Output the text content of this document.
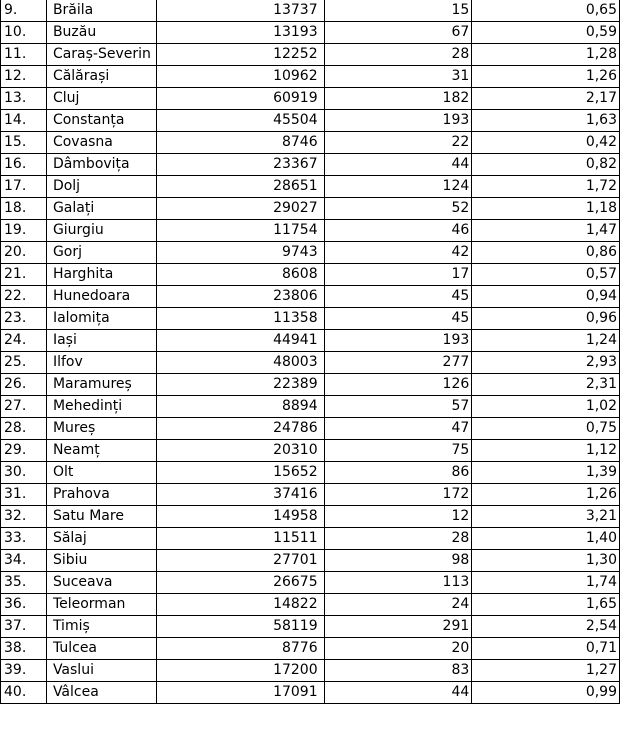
9.	Brăila	13737	15	0,65
10.	Buzău	13193	67	0,59
11.	Caraș-Severin	12252	28	1,28
12.	Călărași	10962	31	1,26
13.	Cluj	60919	182	2,17
14.	Constanța	45504	193	1,63
15.	Covasna	8746	22	0,42
16.	Dâmbovița	23367	44	0,82
17.	Dolj	28651	124	1,72
18.	Galați	29027	52	1,18
19.	Giurgiu	11754	46	1,47
20.	Gorj	9743	42	0,86
21.	Harghita	8608	17	0,57
22.	Hunedoara	23806	45	0,94
23.	Ialomița	11358	45	0,96
24.	Iași	44941	193	1,24
25.	Ilfov	48003	277	2,93
26.	Maramureș	22389	126	2,31
27.	Mehedinți	8894	57	1,02
28.	Mureș	24786	47	0,75
29.	Neamț	20310	75	1,12
30.	Olt	15652	86	1,39
31.	Prahova	37416	172	1,26
32.	Satu Mare	14958	12	3,21
33.	Sălaj	11511	28	1,40
34.	Sibiu	27701	98	1,30
35.	Suceava	26675	113	1,74
36.	Teleorman	14822	24	1,65
37.	Timiș	58119	291	2,54
38.	Tulcea	8776	20	0,71
39.	Vaslui	17200	83	1,27
40.	Vâlcea	17091	44	0,99
